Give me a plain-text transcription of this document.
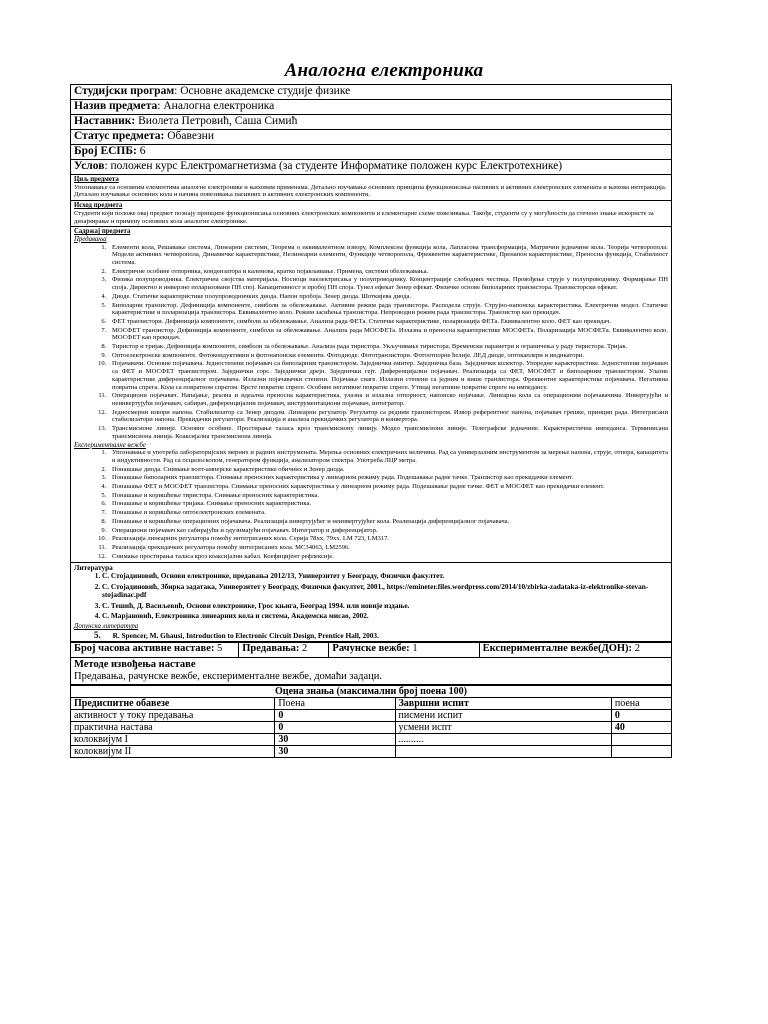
Аналогна електроника
Студијски програм: Основне академске студије физике
Назив предмета: Аналогна електроника
Наставник: Виолета Петровић, Саша Симић
Статус предмета: Обавезни
Број ЕСПБ: 6
Услов: положен курс Електромагнетизма (за студенте Информатике положен курс Електротехнике)

Циљ предмета
Упознавање са основним елементима аналогне електронике и њиховим применама. Детаљно изучавање основних принципа функционисања пасивних и активних електронских елемената и њихова интеракција. Детаљно изучавање основних кола и начина повезивања пасивних и активних електронских компоненти.

Исход предмета
Студенти који положе овај предмет познају принципе функционисања основних електронских компоненти и елементарне схеме повезивања. Такође, студенти су у могућности да стечено знање искористе за дизајнирање и примену основних кола аналогне електронике.

Садржај предмета
Предавања
1. Елементи кола, Решавање система, Линеарни системи, Теорема о еквивалентном извору, Комплексна функција кола, Лапласова трансформација, Матрични једначине кола. Теорија четворопола: Модели активних четворопола, Динамичке карактеристике, Нелинеарни елементи, Функције четворопола, Фреквентне карактеристике, Пренапон карактеристике, Преносна функција, Стабилност система.
2. Електричне особине отпорника, кондензатора и калемова, кратко појављивање. Примена, системи обележавања.
3. Физика полупроводника. Електрична својства материјала. Носиоци наелектрисања у полупроводнику. Концентрације слободних честица. Провођење струје у полупроводнику. Формирање ПН споја. Директно и инверзно поларизовани ПН спој. Капацитивност и пробој ПН споја. Тунел ефекат Зенер ефекат. Физичке основе биполарних транзистора. Транзисторски ефекат.
4. Диоде. Статичке карактеристике полупроводничких диода. Напон пробоја. Зенер диода. Шоткијева диода.
5. Биполарни транзистор. Дефиниција компоненте, симболи за обележавање. Активни режим рада транзистора. Расподела струје. Струјно-напонска карактеристика. Електрични модел. Статичке карактеристике и поларизација транзистора. Еквивалентно коло. Режим засићења транзистора. Непроводни режим рада транзистора. Транзистор као прекидач.
6. ФЕТ транзистори. Дефиниција компоненте, симболи за обележавање. Анализа рада ФЕТа. Статичке карактеристике, поларизација ФЕТа. Еквивалентно коло. ФЕТ као прекидач.
7. МОСФЕТ транзистор. Дефиниција компоненте, симболи за обележавање. Анализа рада МОСФЕТа. Излазна и преносна карактеристике МОСФЕТа. Поларизација МОСФЕТа. Еквивалентно коло. МОСФЕТ као прекидач.
8. Тиристор и тријак. Дефиниција компоненте, симболи за обележавање. Анализа рада тиристора. Укључивање тиристора. Временски параметри и ограничења у раду тиристора. Тријак.
9. Оптоелектронске компоненте. Фотокондуктивни и фотонапонски елементи. Фотодиоде. Фототранзистори. Фотоотпорне ћелије. ЛЕД диоде, оптокаплери и индикатори.
10. Појачавачи. Основне појачавача. Једностепени појачавач са биполарним транзистором. Заједнички емитер. Заједничка база. Заједнички колектор. Упоредне карактеристике. Једностепени појачавач са ФЕТ и МОСФЕТ транзистором. Заједнички сорс. Заједнички дрејн. Заједнички гејт. Диференцијални појачавач. Реализација са ФЕТ, МОСФЕТ и биполарним транзистором. Улазне карактеристике диференцијалног појачавача. Излазни појачавачки степени. Појачање снаге. Излазни степени са једним и више транзистора. Фреквентне карактеристике појачавача. Негативна повратна спрега. Кола са повратном спрегом. Врсте повратне спреге. Особине негативне повратне спреге. Утицај негативне повратне спреге на импедансу.
11. Операциони појачавач. Напајање, реална и идеална преносна карактеристика, улазна и излазна отпорност, напонско појачање. Линеарна кола са операционим појачавачима. Инвертујући и неинвертујући појачавач, сабирач, диференцијални појачавач, инструментациони појачавач, интегратор.
12. Једносмерни извори напона. Стабилизатор са Зенер диодом. Линеарни регулатор. Регулатор са редним транзистором. Извор референтног напона, појачавач грешке, принцип рада. Интегрисани стабилизатори напона. Прекидачки регулатори. Реализација и анализа прекидачких регулатора и конвертора.
13. Трансмисионе линије. Основне особине. Простирање таласа кроз трансмисиону линију. Модел трансмисионе линије. Телеграфске једначине. Карактеристична импеданса. Терминисана трансмисиона линија. Коаксијална трансмисиона линија.
Експерименталне вежбе
1. Упознавање и употреба лабораторијских мерних и радних инструмената. Мерења основних електричних величина. Рад са универзалним инструментом за мерење напона, струје, отпора, капацитета и индуктивности. Рад са осцилоскопом, генератором функција, анализатором спектра. Употреба ЛЦР метра.
2. Понашање диода. Снимање волт-амперске карактеристике обичних и Зенер диода.
3. Понашање биполарних транзистора. Снимање преносних карактеристика у линеарном режиму рада. Подешавање радне тачке. Транзистор као прекидачки елемент.
4. Понашање ФЕТ и МОСФЕТ транзистора. Снимање преносних карактеристика у линеарном режиму рада. Подешавање радне тачке. ФЕТ и МОСФЕТ као прекидачки елемент.
5. Понашање и коришћење тиристора. Снимање преносних карактеристика.
6. Понашање и коришћење тријака. Снимање преносних карактеристика.
7. Понашање и коришћење оптоелектронских елемената.
8. Понашање и коришћење операционих појачавача. Реализација инвертујућег и неинвертујућег кола. Реализација диференцијалног појачавача.
9. Операциони појачавач као сабирајући и одузимајући појачавач. Интегратор и диференцијатор.
10. Реализација линеарних регулатора помоћу интегрисаних кола. Серија 78xx, 79xx. LM 723, LM317.
11. Реализација прекидачких регулатора помоћу интегрисаних кола. MC34063, LM2596.
12. Снимање простирања таласа кроз коаксијални кабал. Коефицијент рефлексије.

Литература
1. С. Стојадиновић, Основи електронике, предавања 2012/13, Универзитет у Београду, Физички факултет.
2. С. Стојадиновић, Збирка задатака, Универзитет у Београду, Физички факултет, 2001., https://emineter.files.wordpress.com/2014/10/zbirka-zadataka-iz-elektronike-stevan-stojadinac.pdf
3. С. Тешић, Д. Васиљевић, Основи електронике, Грос књига, Београд 1994. или новије издање.
4. С. Марјановић, Електроника линеарних кола и система, Академска мисао, 2002.
Допунска литература
5. R. Spencer, M. Ghausi, Introduction to Electronic Circuit Design, Prentice Hall, 2003.
Број часова активне наставе: 5	Предавања: 2	Рачунске вежбе: 1	Експерименталне вежбе(ДОН): 2

Методе извођења наставе
Предавања, рачунске вежбе, експерименталне вежбе, домаћи задаци.
Оцена знања (максимални број поена 100)			
Предиспитне обавезе	Поена	Завршни испит	поена
активност у току предавања	0	писмени испит	0
практична настава	0	усмени испт	40
колоквијум I	30	..........	
колоквијум II	30		
